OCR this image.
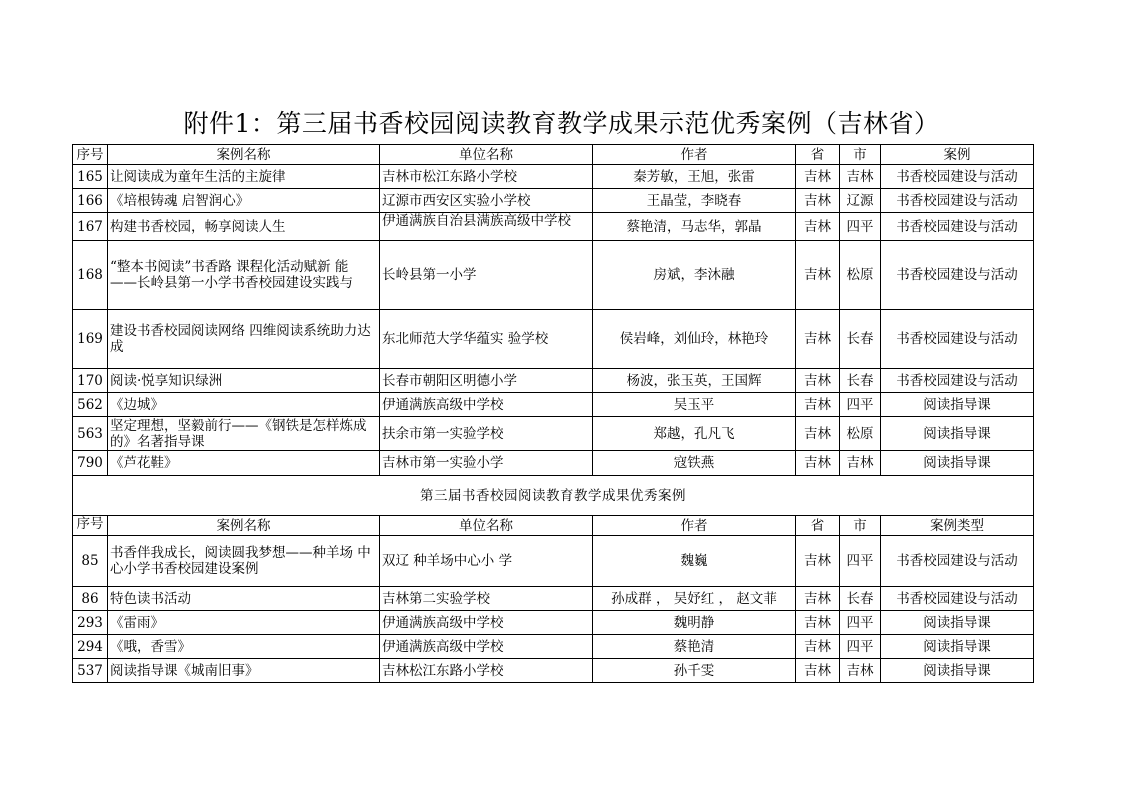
附件1：第三届书香校园阅读教育教学成果示范优秀案例（吉林省）
序号	案例名称	单位名称	作者	省	市	案例
165	让阅读成为童年生活的主旋律	吉林市松江东路小学校	秦芳敏，王旭，张雷	吉林	吉林	书香校园建设与活动
166	《培根铸魂 启智润心》	辽源市西安区实验小学校	王晶莹，李晓春	吉林	辽源	书香校园建设与活动
167	构建书香校园，畅享阅读人生	伊通满族自治县满族高级中学校	蔡艳清，马志华，郭晶	吉林	四平	书香校园建设与活动
168	“整本书阅读”书香路 课程化活动赋新 能 ——长岭县第一小学书香校园建设实践与	长岭县第一小学	房斌，李沐融	吉林	松原	书香校园建设与活动
169	建设书香校园阅读网络 四维阅读系统助力达成	东北师范大学华蕴实 验学校	侯岩峰，刘仙玲，林艳玲	吉林	长春	书香校园建设与活动
170	阅读·悦享知识绿洲	长春市朝阳区明德小学	杨波，张玉英，王国辉	吉林	长春	书香校园建设与活动
562	《边城》	伊通满族高级中学校	吴玉平	吉林	四平	阅读指导课
563	坚定理想，坚毅前行——《钢铁是怎样炼成的》名著指导课	扶余市第一实验学校	郑越，孔凡飞	吉林	松原	阅读指导课
790	《芦花鞋》	吉林市第一实验小学	寇铁燕	吉林	吉林	阅读指导课
第三届书香校园阅读教育教学成果优秀案例						
序号	案例名称	单位名称	作者	省	市	案例类型
85	书香伴我成长，阅读圆我梦想——种羊场 中心小学书香校园建设案例	双辽 种羊场中心小 学	魏巍	吉林	四平	书香校园建设与活动
86	特色读书活动	吉林第二实验学校	孙成群 ， 吴妤红 ， 赵文菲	吉林	长春	书香校园建设与活动
293	《雷雨》	伊通满族高级中学校	魏明静	吉林	四平	阅读指导课
294	《哦，香雪》	伊通满族高级中学校	蔡艳清	吉林	四平	阅读指导课
537	阅读指导课《城南旧事》	吉林松江东路小学校	孙千雯	吉林	吉林	阅读指导课
